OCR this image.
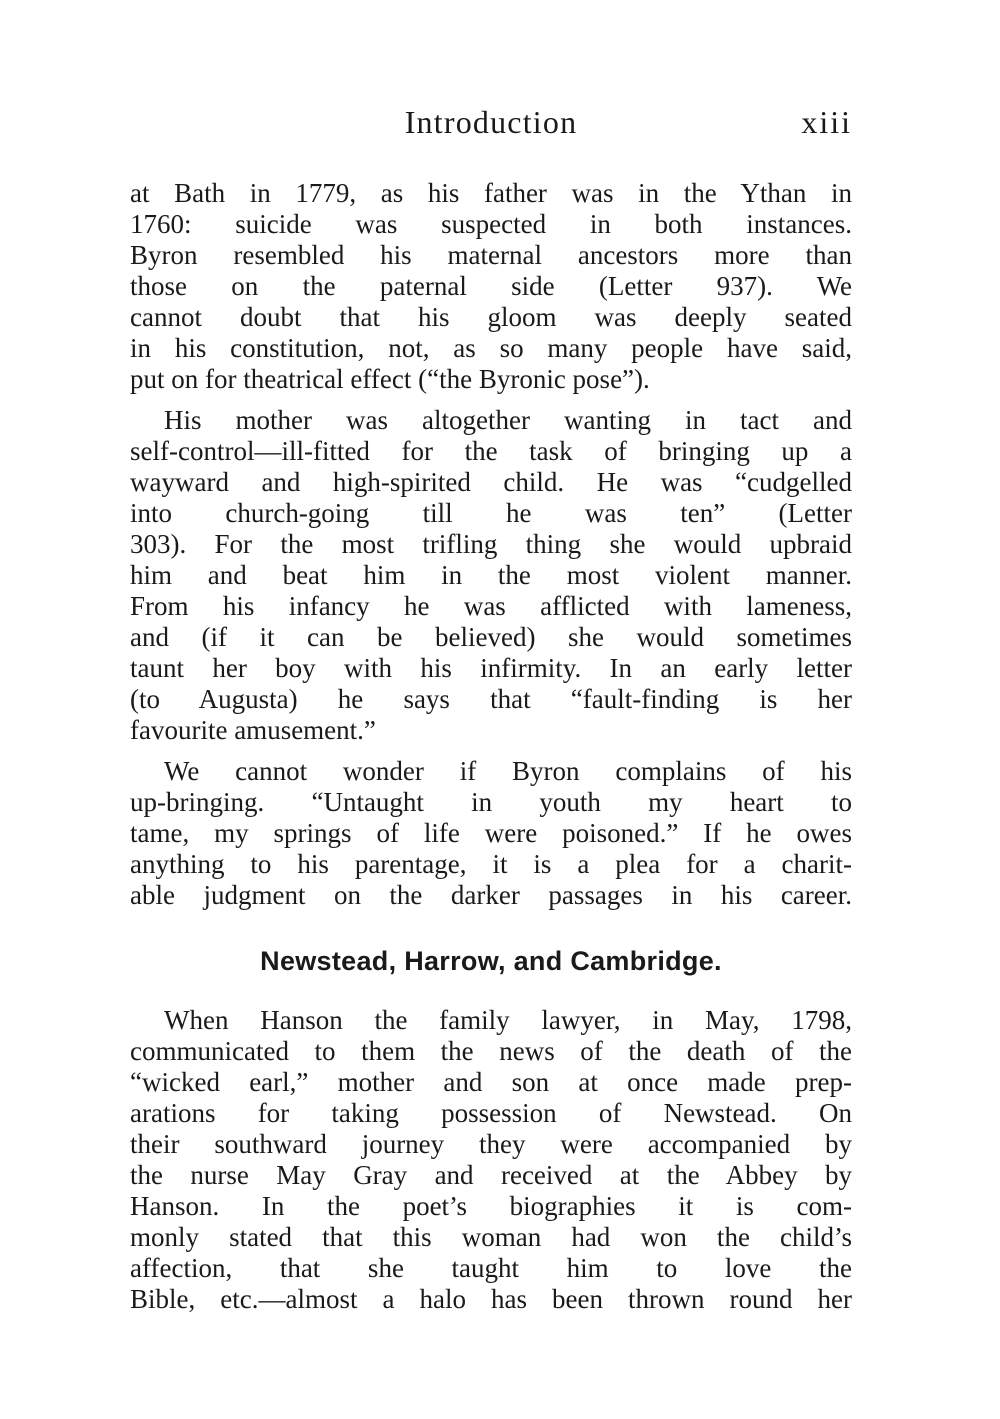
Introduction	xiii
at Bath in 1779, as his father was in the Ythan in
1760: suicide was suspected in both instances.
Byron resembled his maternal ancestors more than
those on the paternal side (Letter 937). We
cannot doubt that his gloom was deeply seated
in his constitution, not, as so many people have said,
put on for theatrical effect (“the Byronic pose”).
His mother was altogether wanting in tact and
self-control—ill-fitted for the task of bringing up a
wayward and high-spirited child. He was “cudgelled
into church-going till he was ten” (Letter
303). For the most trifling thing she would upbraid
him and beat him in the most violent manner.
From his infancy he was afflicted with lameness,
and (if it can be believed) she would sometimes
taunt her boy with his infirmity. In an early letter
(to Augusta) he says that “fault-finding is her
favourite amusement.”
We cannot wonder if Byron complains of his
up-bringing. “Untaught in youth my heart to
tame, my springs of life were poisoned.” If he owes
anything to his parentage, it is a plea for a charit-
able judgment on the darker passages in his career.
Newstead, Harrow, and Cambridge.
When Hanson the family lawyer, in May, 1798,
communicated to them the news of the death of the
“wicked earl,” mother and son at once made prep-
arations for taking possession of Newstead. On
their southward journey they were accompanied by
the nurse May Gray and received at the Abbey by
Hanson. In the poet’s biographies it is com-
monly stated that this woman had won the child’s
affection, that she taught him to love the
Bible, etc.—almost a halo has been thrown round her
